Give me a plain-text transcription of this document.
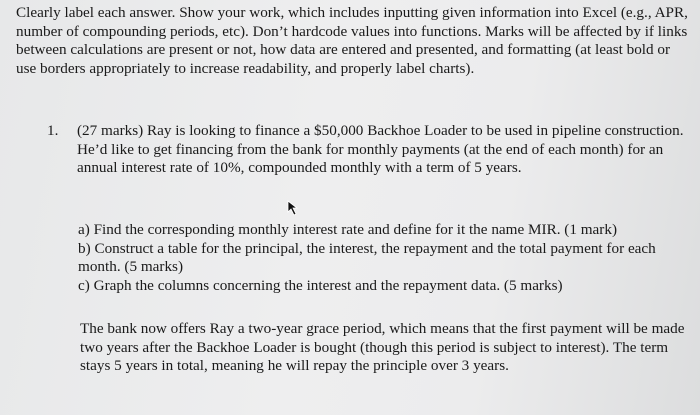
Clearly label each answer. Show your work, which includes inputting given information into Excel (e.g., APR, number of compounding periods, etc). Don’t hardcode values into functions. Marks will be affected by if links between calculations are present or not, how data are entered and presented, and formatting (at least bold or use borders appropriately to increase readability, and properly label charts).

1. (27 marks) Ray is looking to finance a $50,000 Backhoe Loader to be used in pipeline construction. He’d like to get financing from the bank for monthly payments (at the end of each month) for an annual interest rate of 10%, compounded monthly with a term of 5 years.

a) Find the corresponding monthly interest rate and define for it the name MIR. (1 mark)
b) Construct a table for the principal, the interest, the repayment and the total payment for each month. (5 marks)
c) Graph the columns concerning the interest and the repayment data. (5 marks)

The bank now offers Ray a two-year grace period, which means that the first payment will be made two years after the Backhoe Loader is bought (though this period is subject to interest). The term stays 5 years in total, meaning he will repay the principle over 3 years.
